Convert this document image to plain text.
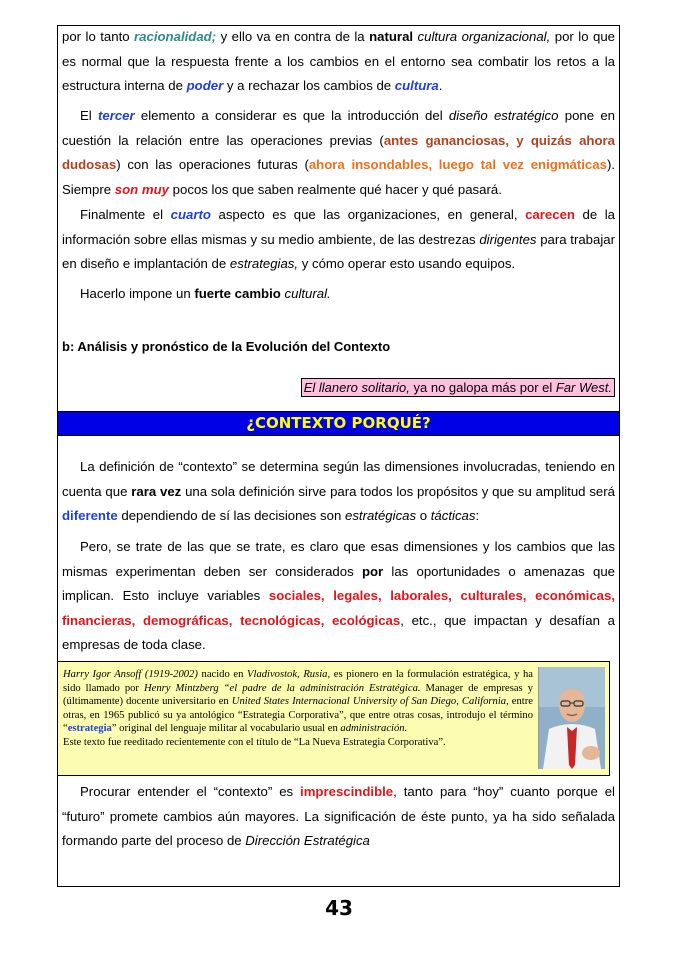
por lo tanto racionalidad; y ello va en contra de la natural cultura organizacional, por lo que es normal que la respuesta frente a los cambios en el entorno sea combatir los retos a la estructura interna de poder y a rechazar los cambios de cultura.

El tercer elemento a considerar es que la introducción del diseño estratégico pone en cuestión la relación entre las operaciones previas (antes gananciosas, y quizás ahora dudosas) con las operaciones futuras (ahora insondables, luego tal vez enigmáticas). Siempre son muy pocos los que saben realmente qué hacer y qué pasará.

Finalmente el cuarto aspecto es que las organizaciones, en general, carecen de la información sobre ellas mismas y su medio ambiente, de las destrezas dirigentes para trabajar en diseño e implantación de estrategias, y cómo operar esto usando equipos.

Hacerlo impone un fuerte cambio cultural.

b: Análisis y pronóstico de la Evolución del Contexto

El llanero solitario, ya no galopa más por el Far West.
¿CONTEXTO PORQUÉ?

La definición de “contexto” se determina según las dimensiones involucradas, teniendo en cuenta que rara vez una sola definición sirve para todos los propósitos y que su amplitud será diferente dependiendo de sí las decisiones son estratégicas o tácticas:

Pero, se trate de las que se trate, es claro que esas dimensiones y los cambios que las mismas experimentan deben ser considerados por las oportunidades o amenazas que implican. Esto incluye variables sociales, legales, laborales, culturales, económicas, financieras, demográficas, tecnológicas, ecológicas, etc., que impactan y desafían a empresas de toda clase.

Harry Igor Ansoff (1919-2002) nacido en Vladivostok, Rusia, es pionero en la formulación estratégica, y ha sido llamado por Henry Mintzberg “el padre de la administración Estratégica. Manager de empresas y (últimamente) docente universitario en United States Internacional University of San Diego, California, entre otras, en 1965 publicó su ya antológico “Estrategia Corporativa”, que entre otras cosas, introdujo el término “estrategia” original del lenguaje militar al vocabulario usual en administración.
Este texto fue reeditado recientemente con el título de “La Nueva Estrategia Corporativa”.

Procurar entender el “contexto” es imprescindible, tanto para “hoy” cuanto porque el “futuro” promete cambios aún mayores. La significación de éste punto, ya ha sido señalada formando parte del proceso de Dirección Estratégica

43
